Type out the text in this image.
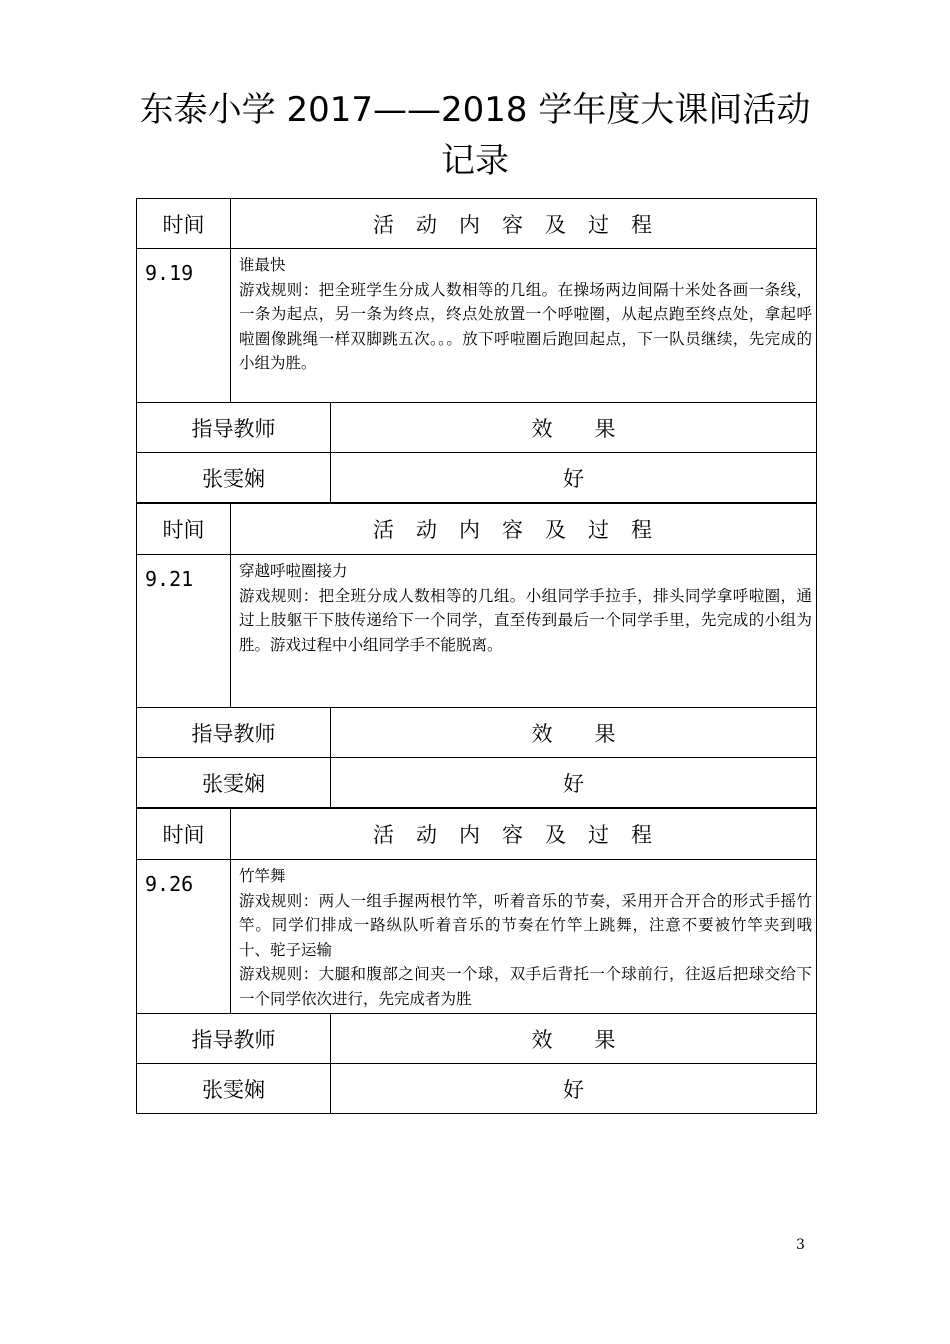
东泰小学 2017——2018 学年度大课间活动
记录
时间	活动内容及过程	
9.19	谁最快
游戏规则：把全班学生分成人数相等的几组。在操场两边间隔十米处各画一条线，一条为起点，另一条为终点，终点处放置一个呼啦圈，从起点跑至终点处，拿起呼啦圈像跳绳一样双脚跳五次。。。放下呼啦圈后跑回起点，下一队员继续，先完成的小组为胜。	
指导教师		效 果
张雯娴		好
时间	活动内容及过程	
9.21	穿越呼啦圈接力
游戏规则：把全班分成人数相等的几组。小组同学手拉手，排头同学拿呼啦圈，通过上肢躯干下肢传递给下一个同学，直至传到最后一个同学手里，先完成的小组为胜。游戏过程中小组同学手不能脱离。	
指导教师		效 果
张雯娴		好
时间	活动内容及过程	
9.26	竹竿舞
游戏规则：两人一组手握两根竹竿，听着音乐的节奏，采用开合开合的形式手摇竹竿。同学们排成一路纵队听着音乐的节奏在竹竿上跳舞，注意不要被竹竿夹到哦 十、驼子运输
游戏规则：大腿和腹部之间夹一个球，双手后背托一个球前行，往返后把球交给下一个同学依次进行，先完成者为胜	
指导教师		效 果
张雯娴		好
3
